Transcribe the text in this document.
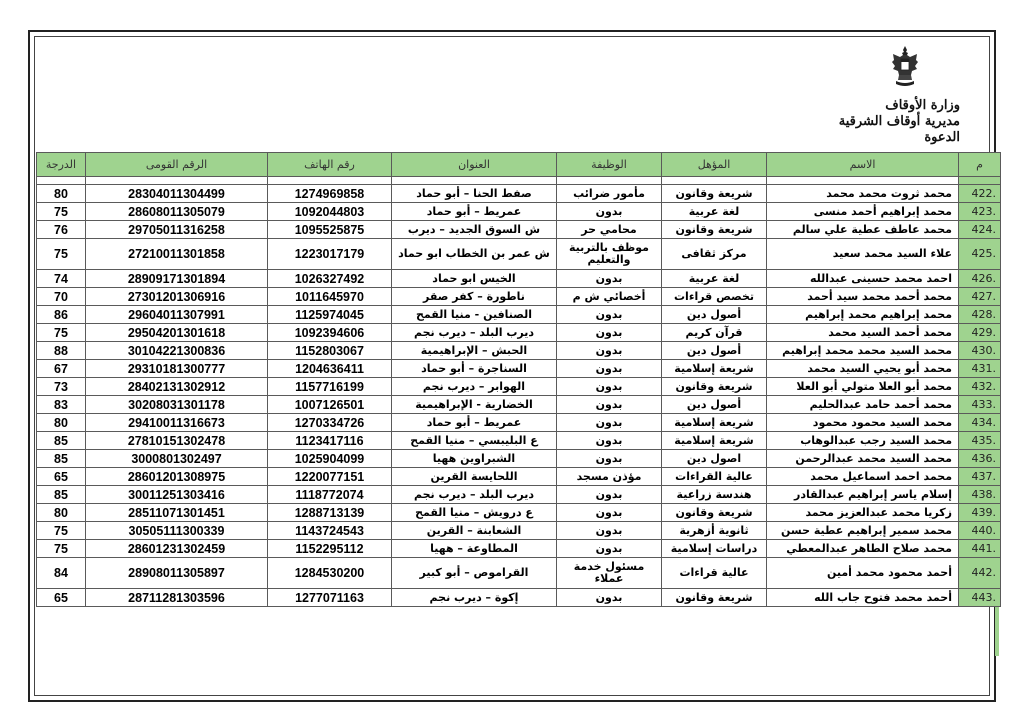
وزارة الأوقاف
مديرية أوقاف الشرقية
الدعوة
م	الاسم	المؤهل	الوظيفة	العنوان	رقم الهاتف	الرقم القومى	الدرجة

422.	محمد ثروت محمد محمد	شريعة وقانون	مأمور ضرائب	صفط الحنا – أبو حماد	1274969858	28304011304499	80
423.	محمد إبراهيم أحمد منسى	لغة عربية	بدون	عمريط – أبو حماد	1092044803	28608011305079	75
424.	محمد عاطف عطية علي سالم	شريعة وقانون	محامي حر	ش السوق الجديد – ديرب	1095525875	29705011316258	76
425.	علاء السيد محمد سعيد	مركز ثقافى	موظف بالتربية والتعليم	ش عمر بن الخطاب ابو حماد	1223017179	27210011301858	75
426.	احمد محمد حسينى عبدالله	لغة عربية	بدون	الخيس ابو حماد	1026327492	28909171301894	74
427.	محمد أحمد محمد سيد أحمد	تخصص قراءات	أخصائي ش م	ناطورة – كفر صقر	1011645970	27301201306916	70
428.	محمد إبراهيم محمد إبراهيم	أصول دين	بدون	الصنافين - منيا القمح	1125974045	29604011307991	86
429.	محمد أحمد السيد محمد	قرآن كريم	بدون	ديرب البلد – ديرب نجم	1092394606	29504201301618	75
430.	محمد السيد محمد محمد إبراهيم	أصول دين	بدون	الحبش – الإبراهيمية	1152803067	30104221300836	88
431.	محمد أبو يحيي السيد محمد	شريعة إسلامية	بدون	السناجرة – أبو حماد	1204636411	29310181300777	67
432.	محمد أبو العلا متولي أبو العلا	شريعة وقانون	بدون	الهوابر – ديرب نجم	1157716199	28402131302912	73
433.	محمد أحمد حامد عبدالحليم	أصول دين	بدون	الخضارية - الإبراهيمية	1007126501	30208031301178	83
434.	محمد السيد محمود محمود	شريعة إسلامية	بدون	عمريط – أبو حماد	1270334726	29410011316673	80
435.	محمد السيد رجب عبدالوهاب	شريعة إسلامية	بدون	ع البليبسي – منيا القمح	1123417116	27810151302478	85
436.	محمد السيد محمد عبدالرحمن	اصول دين	بدون	الشبراوين ههيا	1025904099	3000801302497	85
437.	محمد احمد اسماعيل محمد	عالية القراءات	مؤذن مسجد	اللحايسة القرين	1220077151	28601201308975	65
438.	إسلام ياسر إبراهيم عبدالقادر	هندسة زراعية	بدون	ديرب البلد – ديرب نجم	1118772074	30011251303416	85
439.	زكريا محمد عبدالعزيز محمد	شريعة وقانون	بدون	ع درويش – منيا القمح	1288713139	28511071301451	80
440.	محمد سمير إبراهيم عطية حسن	ثانوية أزهرية	بدون	الشعابنة – القرين	1143724543	30505111300339	75
441.	محمد صلاح الطاهر عبدالمعطي	دراسات إسلامية	بدون	المطاوعة – ههيا	1152295112	28601231302459	75
442.	أحمد محمود محمد أمين	عالية قراءات	مسئول خدمة عملاء	القراموص – أبو كبير	1284530200	28908011305897	84
443.	أحمد محمد فتوح جاب الله	شريعة وقانون	بدون	إكوة – ديرب نجم	1277071163	28711281303596	65
